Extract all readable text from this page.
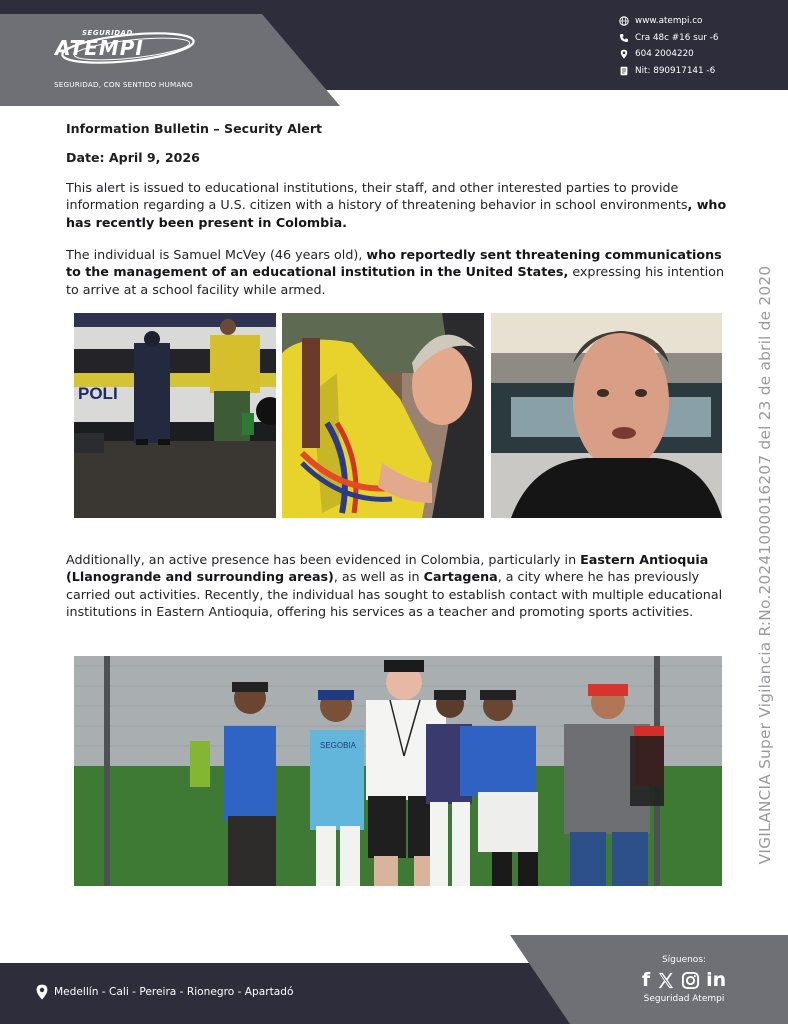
SEGURIDAD
ATEMPI
SEGURIDAD, CON SENTIDO HUMANO
www.atempi.co
Cra 48c #16 sur -6
604 2004220
Nit: 890917141 -6

Information Bulletin – Security Alert

Date: April 9, 2026

This alert is issued to educational institutions, their staff, and other interested parties to provide information regarding a U.S. citizen with a history of threatening behavior in school environments, who has recently been present in Colombia.

The individual is Samuel McVey (46 years old), who reportedly sent threatening communications to the management of an educational institution in the United States, expressing his intention to arrive at a school facility while armed.

POLI

Additionally, an active presence has been evidenced in Colombia, particularly in Eastern Antioquia (Llanogrande and surrounding areas), as well as in Cartagena, a city where he has previously carried out activities. Recently, the individual has sought to establish contact with multiple educational institutions in Eastern Antioquia, offering his services as a teacher and promoting sports activities.

SEGOBIA	VIGILANCIA Super Vigilancia R:No.20241000016207 del 23 de abril de 2020
Medellín - Cali - Pereira - Rionegro - Apartadó
Síguenos:
f	in
Seguridad Atempi
